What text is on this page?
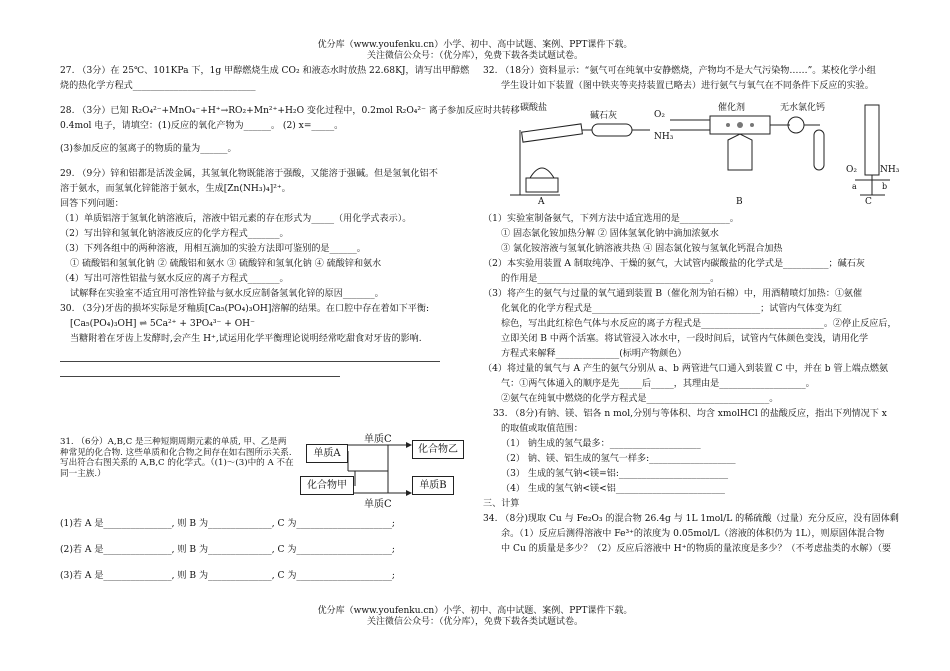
优分库（www.youfenku.cn）小学、初中、高中试题、案例、PPT课件下载。
关注微信公众号：（优分库），免费下载各类试题试卷。

27. （3分）在 25℃、101KPa 下，1g 甲醇燃烧生成 CO₂ 和液态水时放热 22.68KJ，请写出甲醇燃

烧的热化学方程式___________________________

28. （3分）已知 R₂O₄²⁻+MnO₄⁻+H⁺→RO₂+Mn²⁺+H₂O 变化过程中，0.2mol R₂O₄²⁻ 离子参加反应时共转移

0.4mol 电子，请填空：(1)反应的氧化产物为______。 (2) x=_____。

(3)参加反应的氢离子的物质的量为______。

29. （9分）锌和铝都是活泼金属，其氢氧化物既能溶于强酸，又能溶于强碱。但是氢氧化铝不

溶于氨水，而氢氧化锌能溶于氨水，生成[Zn(NH₃)₄]²⁺。

回答下列问题：

（1）单质铝溶于氢氧化钠溶液后，溶液中铝元素的存在形式为_____（用化学式表示）。

（2）写出锌和氢氧化钠溶液反应的化学方程式_______。

（3）下列各组中的两种溶液，用相互滴加的实验方法即可鉴别的是______。

① 硫酸铝和氢氧化钠 ② 硫酸铝和氨水 ③ 硫酸锌和氢氧化钠 ④ 硫酸锌和氨水

（4）写出可溶性铝盐与氨水反应的离子方程式_______。

试解释在实验室不适宜用可溶性锌盐与氨水反应制备氢氧化锌的原因_______。

30. （3分)牙齿的损坏实际是牙釉质[Ca₅(PO₄)₃OH]溶解的结果。在口腔中存在着如下平衡:

[Ca₅(PO₄)₃OH] ⇌ 5Ca²⁺ + 3PO₄³⁻ + OH⁻

当糖附着在牙齿上发酵时,会产生 H⁺,试运用化学平衡理论说明经常吃甜食对牙齿的影响.

31. （6分）A,B,C 是三种短期周期元素的单质, 甲、乙是两种常见的化合物. 这些单质和化合物之间存在如右图所示关系. 写出符合右图关系的 A,B,C 的化学式。（(1)～(3)中的 A 不在同一主族.）

单质C
单质A	化合物乙
化合物甲	单质B
单质C

(1)若 A 是_______________, 则 B 为______________, C 为_____________________;

(2)若 A 是_______________, 则 B 为______________, C 为_____________________;

(3)若 A 是_______________, 则 B 为______________, C 为_____________________;

32. （18分）资料显示：“氨气可在纯氧中安静燃烧，产物均不是大气污染物……”。某校化学小组

学生设计如下装置（图中铁夹等夹持装置已略去）进行氨气与氧气在不同条件下反应的实验。

碳酸盐
碱石灰	O₂
NH₃
催化剂	无水氯化钙
O₂	NH₃
a	b
A	B	C

（1）实验室制备氨气，下列方法中适宜选用的是___________。

① 固态氯化铵加热分解 ② 固体氢氧化钠中滴加浓氨水

③ 氯化铵溶液与氢氧化钠溶液共热 ④ 固态氯化铵与氢氧化钙混合加热

（2）本实验用装置 A 制取纯净、干燥的氨气，大试管内碳酸盐的化学式是__________；碱石灰

的作用是______________________________________。

（3）将产生的氨气与过量的氧气通到装置 B（催化剂为铂石棉）中，用酒精喷灯加热：①氨催

化氧化的化学方程式是_____________________________________；试管内气体变为红

棕色，写出此红棕色气体与水反应的离子方程式是___________________________。②停止反应后，

立即关闭 B 中两个活塞。将试管浸入冰水中，一段时间后，试管内气体颜色变浅，请用化学

方程式来解释______________(标明产物颜色）

（4）将过量的氧气与 A 产生的氨气分别从 a、b 两管进气口通入到装置 C 中，并在 b 管上端点燃氨

气：①两气体通入的顺序是先_____后_____，其理由是___________________。

②氨气在纯氧中燃烧的化学方程式是___________________________。

33. （8分)有钠、镁、铝各 n mol,分别与等体积、均含 xmolHCl 的盐酸反应，指出下列情况下 x

的取值或取值范围：

（1） 钠生成的氢气最多：____________________

（2） 钠、镁、铝生成的氢气一样多:___________________

（3） 生成的氢气钠<镁=铝:________________________

（4） 生成的氢气钠<镁<铝________________________

三、计算

34. （8分)现取 Cu 与 Fe₂O₃ 的混合物 26.4g 与 1L 1mol/L 的稀硫酸（过量）充分反应，没有固体剩

余。（1）反应后测得溶液中 Fe³⁺的浓度为 0.05mol/L（溶液的体积仍为 1L），则原固体混合物

中 Cu 的质量是多少？（2）反应后溶液中 H⁺的物质的量浓度是多少？（不考虑盐类的水解）（要

优分库（www.youfenku.cn）小学、初中、高中试题、案例、PPT课件下载。
关注微信公众号：（优分库），免费下载各类试题试卷。
